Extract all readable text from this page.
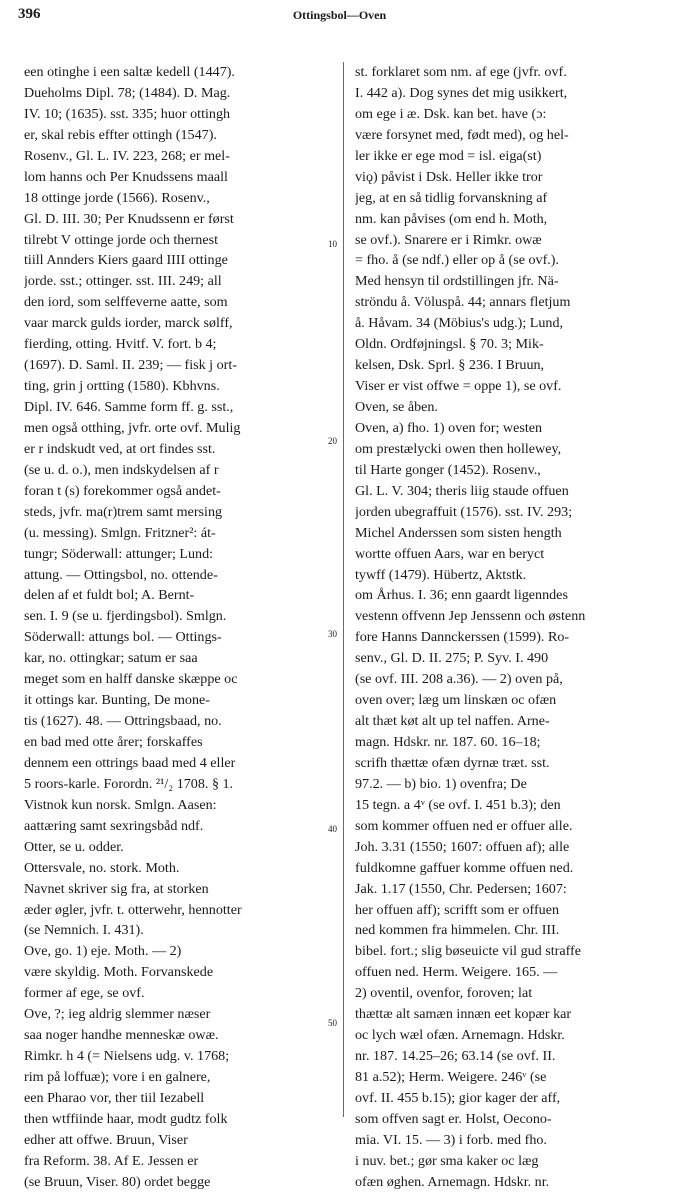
396	Ottingsbol—Oven
10
20
30
40
50
een otinghe i een saltæ kedell (1447).
Dueholms Dipl. 78; (1484). D. Mag.
IV. 10; (1635). sst. 335; huor ottingh
er, skal rebis effter ottingh (1547).
Rosenv., Gl. L. IV. 223, 268; er mel-
lom hanns och Per Knudssens maall
18 ottinge jorde (1566). Rosenv.,
Gl. D. III. 30; Per Knudssenn er først
tilrebt V ottinge jorde och thernest
tiill Annders Kiers gaard IIII ottinge
jorde. sst.; ottinger. sst. III. 249; all
den iord, som selffeverne aatte, som
vaar marck gulds iorder, marck sølff,
fierding, otting. Hvitf. V. fort. b 4;
(1697). D. Saml. II. 239; — fisk j ort-
ting, grin j ortting (1580). Kbhvns.
Dipl. IV. 646. Samme form ff. g. sst.,
men også otthing, jvfr. orte ovf. Mulig
er r indskudt ved, at ort findes sst.
(se u. d. o.), men indskydelsen af r
foran t (s) forekommer også andet-
steds, jvfr. ma(r)trem samt mersing
(u. messing). Smlgn. Fritzner²: át-
tungr; Söderwall: attunger; Lund:
attung. — Ottingsbol, no. ottende-
delen af et fuldt bol; A. Bernt-
sen. I. 9 (se u. fjerdingsbol). Smlgn.
Söderwall: attungs bol. — Ottings-
kar, no. ottingkar; satum er saa
meget som en halff danske skæppe oc
it ottings kar. Bunting, De mone-
tis (1627). 48. — Ottringsbaad, no.
en bad med otte årer; forskaffes
dennem een ottrings baad med 4 eller
5 roors-karle. Forordn. ²¹/₂ 1708. § 1.
Vistnok kun norsk. Smlgn. Aasen:
aattæring samt sexringsbåd ndf.
Otter, se u. odder.
Ottersvale, no. stork. Moth.
Navnet skriver sig fra, at storken
æder øgler, jvfr. t. otterwehr, hennotter
(se Nemnich. I. 431).
Ove, go. 1) eje. Moth. — 2)
være skyldig. Moth. Forvanskede
former af ege, se ovf.
Ove, ?; ieg aldrig slemmer næser
saa noger handhe menneskæ owæ.
Rimkr. h 4 (= Nielsens udg. v. 1768;
rim på loffuæ); vore i en galnere,
een Pharao vor, ther tiil Iezabell
then wtffiinde haar, modt gudtz folk
edher att offwe. Bruun, Viser
fra Reform. 38. Af E. Jessen er
(se Bruun, Viser. 80) ordet begge
st. forklaret som nm. af ege (jvfr. ovf.
I. 442 a). Dog synes det mig usikkert,
om ege i æ. Dsk. kan bet. have (ɔ:
være forsynet med, født med), og hel-
ler ikke er ege mod = isl. eiga(st)
viǫ) påvist i Dsk. Heller ikke tror
jeg, at en så tidlig forvanskning af
nm. kan påvises (om end h. Moth,
se ovf.). Snarere er i Rimkr. owæ
= fho. å (se ndf.) eller op å (se ovf.).
Med hensyn til ordstillingen jfr. Nä-
ströndu å. Völuspå. 44; annars fletjum
å. Håvam. 34 (Möbius's udg.); Lund,
Oldn. Ordføjningsl. § 70. 3; Mik-
kelsen, Dsk. Sprl. § 236. I Bruun,
Viser er vist offwe = oppe 1), se ovf.
Oven, se åben.
Oven, a) fho. 1) oven for; westen
om prestælycki owen then hollewey,
til Harte gonger (1452). Rosenv.,
Gl. L. V. 304; theris liig staude offuen
jorden ubegraffuit (1576). sst. IV. 293;
Michel Anderssen som sisten hength
wortte offuen Aars, war en beryct
tywff (1479). Hübertz, Aktstk.
om Århus. I. 36; enn gaardt ligenndes
vestenn offvenn Jep Jenssenn och østenn
fore Hanns Dannckerssen (1599). Ro-
senv., Gl. D. II. 275; P. Syv. I. 490
(se ovf. III. 208 a.36). — 2) oven på,
oven over; læg um linskæn oc ofæn
alt thæt køt alt up tel naffen. Arne-
magn. Hdskr. nr. 187. 60. 16–18;
scrifh thættæ ofæn dyrnæ træt. sst.
97.2. — b) bio. 1) ovenfra; De
15 tegn. a 4ᵛ (se ovf. I. 451 b.3); den
som kommer offuen ned er offuer alle.
Joh. 3.31 (1550; 1607: offuen af); alle
fuldkomne gaffuer komme offuen ned.
Jak. 1.17 (1550, Chr. Pedersen; 1607:
her offuen aff); scrifft som er offuen
ned kommen fra himmelen. Chr. III.
bibel. fort.; slig bøseuicte vil gud straffe
offuen ned. Herm. Weigere. 165. —
2) oventil, ovenfor, foroven; lat
thættæ alt samæn innæn eet kopær kar
oc lych wæl ofæn. Arnemagn. Hdskr.
nr. 187. 14.25–26; 63.14 (se ovf. II.
81 a.52); Herm. Weigere. 246ᵛ (se
ovf. II. 455 b.15); gior kager der aff,
som offven sagt er. Holst, Oecono-
mia. VI. 15. — 3) i forb. med fho.
i nuv. bet.; gør sma kaker oc læg
ofæn øghen. Arnemagn. Hdskr. nr.
